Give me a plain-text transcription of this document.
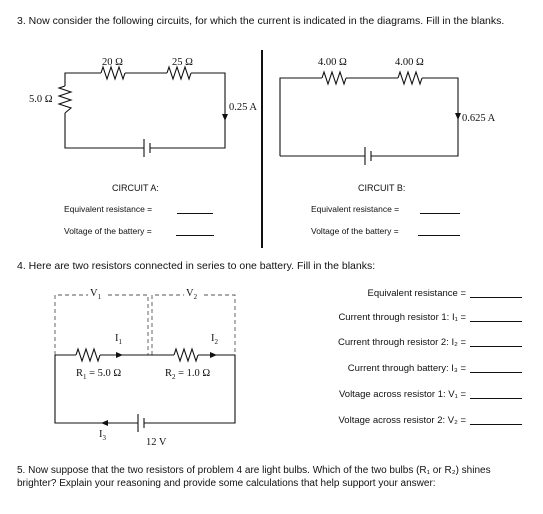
3. Now consider the following circuits, for which the current is indicated in the diagrams. Fill in the blanks.
20 Ω	25 Ω
5.0 Ω
0.25 A
CIRCUIT A:
Equivalent resistance =
Voltage of the battery =
4.00 Ω	4.00 Ω
0.625 A
CIRCUIT B:
Equivalent resistance =
Voltage of the battery =
4. Here are two resistors connected in series to one battery. Fill in the blanks:
$V_1$	$V_2$
$I_1$	$I_2$
$I_3$
$R_1 = 5.0$ Ω	$R_2 = 1.0$ Ω
12 V
Equivalent resistance =
Current through resistor 1: I₁ =
Current through resistor 2: I₂ =
Current through battery: I₃ =
Voltage across resistor 1: V₁ =
Voltage across resistor 2: V₂ =
5. Now suppose that the two resistors of problem 4 are light bulbs. Which of the two bulbs (R₁ or R₂) shines brighter? Explain your reasoning and provide some calculations that help support your answer:
